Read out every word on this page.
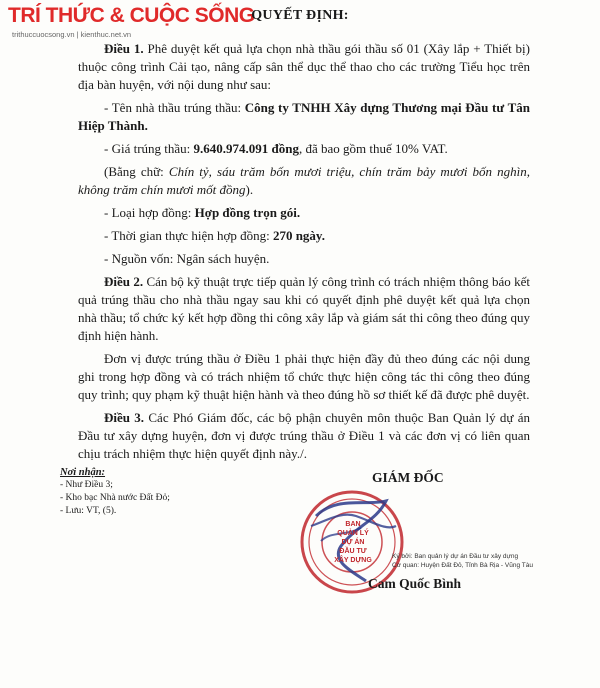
TRÍ THỨC & CUỘC SỐNG
trithuccuocsong.vn | kienthuc.net.vn
QUYẾT ĐỊNH:

Điều 1. Phê duyệt kết quả lựa chọn nhà thầu gói thầu số 01 (Xây lắp + Thiết bị) thuộc công trình Cải tạo, nâng cấp sân thể dục thể thao cho các trường Tiểu học trên địa bàn huyện, với nội dung như sau:

- Tên nhà thầu trúng thầu: Công ty TNHH Xây dựng Thương mại Đầu tư Tân Hiệp Thành.

- Giá trúng thầu: 9.640.974.091 đồng, đã bao gồm thuế 10% VAT.

(Bằng chữ: Chín tỷ, sáu trăm bốn mươi triệu, chín trăm bảy mươi bốn nghìn, không trăm chín mươi mốt đồng).

- Loại hợp đồng: Hợp đồng trọn gói.

- Thời gian thực hiện hợp đồng: 270 ngày.

- Nguồn vốn: Ngân sách huyện.

Điều 2. Cán bộ kỹ thuật trực tiếp quản lý công trình có trách nhiệm thông báo kết quả trúng thầu cho nhà thầu ngay sau khi có quyết định phê duyệt kết quả lựa chọn nhà thầu; tổ chức ký kết hợp đồng thi công xây lắp và giám sát thi công theo đúng quy định hiện hành.

Đơn vị được trúng thầu ở Điều 1 phải thực hiện đầy đủ theo đúng các nội dung ghi trong hợp đồng và có trách nhiệm tổ chức thực hiện công tác thi công theo đúng quy trình; quy phạm kỹ thuật hiện hành và theo đúng hồ sơ thiết kế đã được phê duyệt.

Điều 3. Các Phó Giám đốc, các bộ phận chuyên môn thuộc Ban Quản lý dự án Đầu tư xây dựng huyện, đơn vị được trúng thầu ở Điều 1 và các đơn vị có liên quan chịu trách nhiệm thực hiện quyết định này./.

Nơi nhận:
- Như Điều 3;
- Kho bạc Nhà nước Đất Đỏ;
- Lưu: VT, (5).
GIÁM ĐỐC
BAN
QUẢN LÝ
DỰ ÁN
ĐẦU TƯ
XÂY DỰNG
Ký bởi: Ban quản lý dự án Đầu tư xây dựng
Cơ quan: Huyện Đất Đỏ, Tỉnh Bà Rịa - Vũng Tàu
Cam Quốc Bình
